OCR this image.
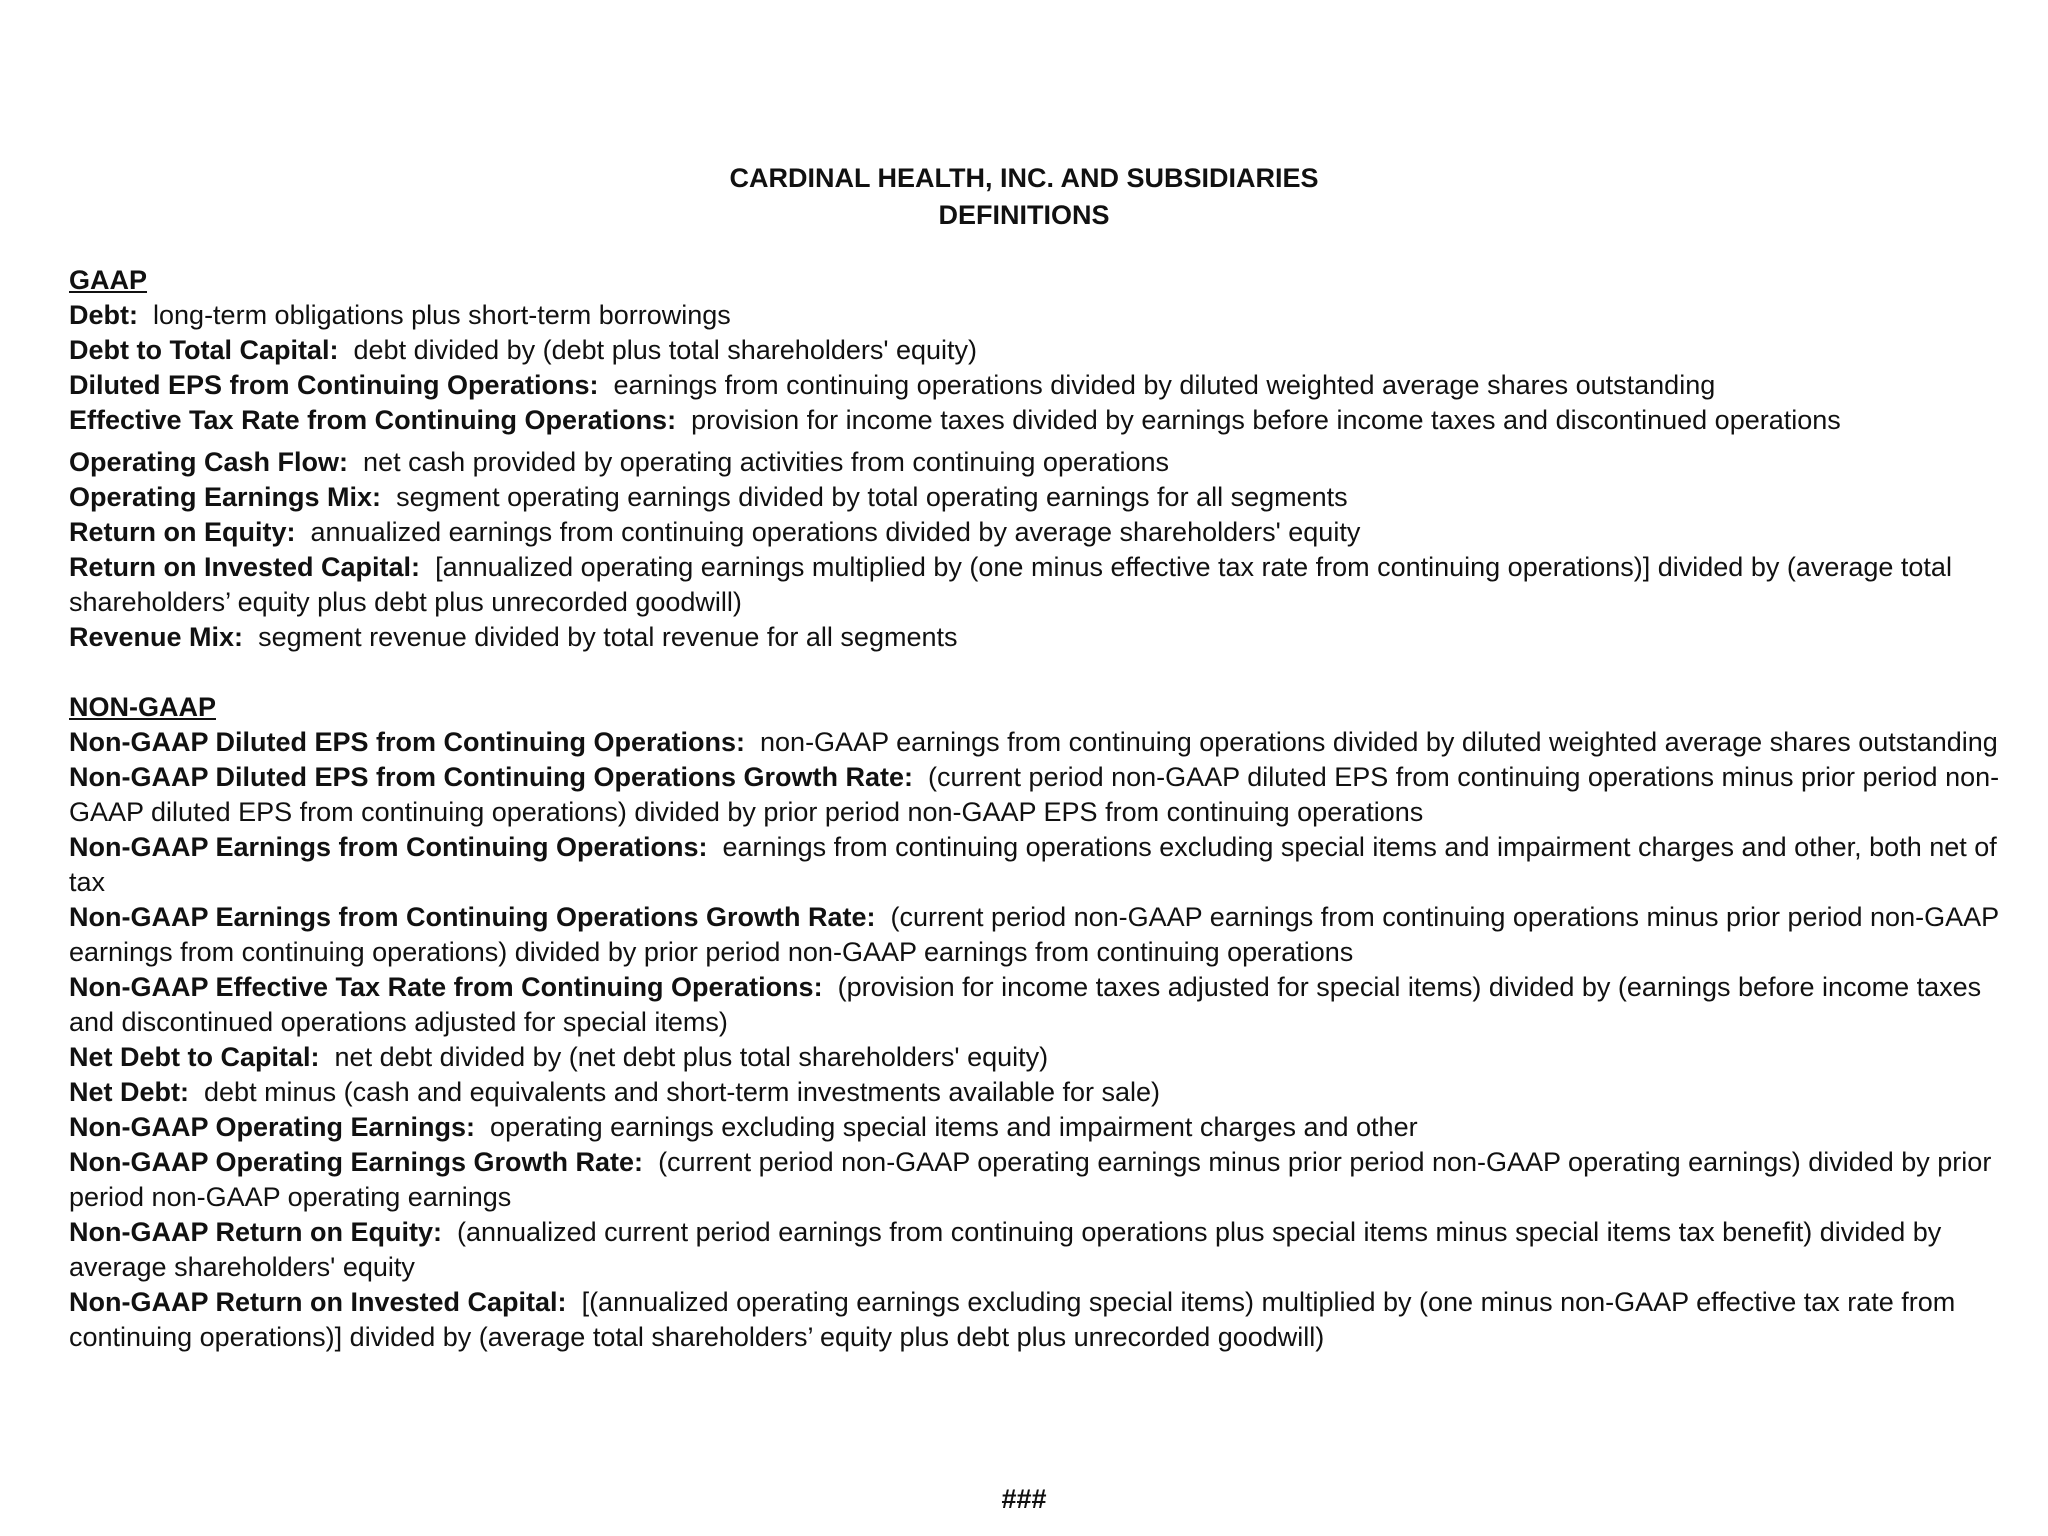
CARDINAL HEALTH, INC. AND SUBSIDIARIES
DEFINITIONS
GAAP

Debt: long-term obligations plus short-term borrowings

Debt to Total Capital: debt divided by (debt plus total shareholders' equity)

Diluted EPS from Continuing Operations: earnings from continuing operations divided by diluted weighted average shares outstanding

Effective Tax Rate from Continuing Operations: provision for income taxes divided by earnings before income taxes and discontinued operations

Operating Cash Flow: net cash provided by operating activities from continuing operations

Operating Earnings Mix: segment operating earnings divided by total operating earnings for all segments

Return on Equity: annualized earnings from continuing operations divided by average shareholders' equity

Return on Invested Capital: [annualized operating earnings multiplied by (one minus effective tax rate from continuing operations)] divided by (average total shareholders’ equity plus debt plus unrecorded goodwill)

Revenue Mix: segment revenue divided by total revenue for all segments

NON-GAAP

Non-GAAP Diluted EPS from Continuing Operations: non-GAAP earnings from continuing operations divided by diluted weighted average shares outstanding

Non-GAAP Diluted EPS from Continuing Operations Growth Rate: (current period non-GAAP diluted EPS from continuing operations minus prior period non-GAAP diluted EPS from continuing operations) divided by prior period non-GAAP EPS from continuing operations

Non-GAAP Earnings from Continuing Operations: earnings from continuing operations excluding special items and impairment charges and other, both net of tax

Non-GAAP Earnings from Continuing Operations Growth Rate: (current period non-GAAP earnings from continuing operations minus prior period non-GAAP earnings from continuing operations) divided by prior period non-GAAP earnings from continuing operations

Non-GAAP Effective Tax Rate from Continuing Operations: (provision for income taxes adjusted for special items) divided by (earnings before income taxes and discontinued operations adjusted for special items)

Net Debt to Capital: net debt divided by (net debt plus total shareholders' equity)

Net Debt: debt minus (cash and equivalents and short-term investments available for sale)

Non-GAAP Operating Earnings: operating earnings excluding special items and impairment charges and other

Non-GAAP Operating Earnings Growth Rate: (current period non-GAAP operating earnings minus prior period non-GAAP operating earnings) divided by prior period non-GAAP operating earnings

Non-GAAP Return on Equity: (annualized current period earnings from continuing operations plus special items minus special items tax benefit) divided by average shareholders' equity

Non-GAAP Return on Invested Capital: [(annualized operating earnings excluding special items) multiplied by (one minus non-GAAP effective tax rate from continuing operations)] divided by (average total shareholders’ equity plus debt plus unrecorded goodwill)

###
